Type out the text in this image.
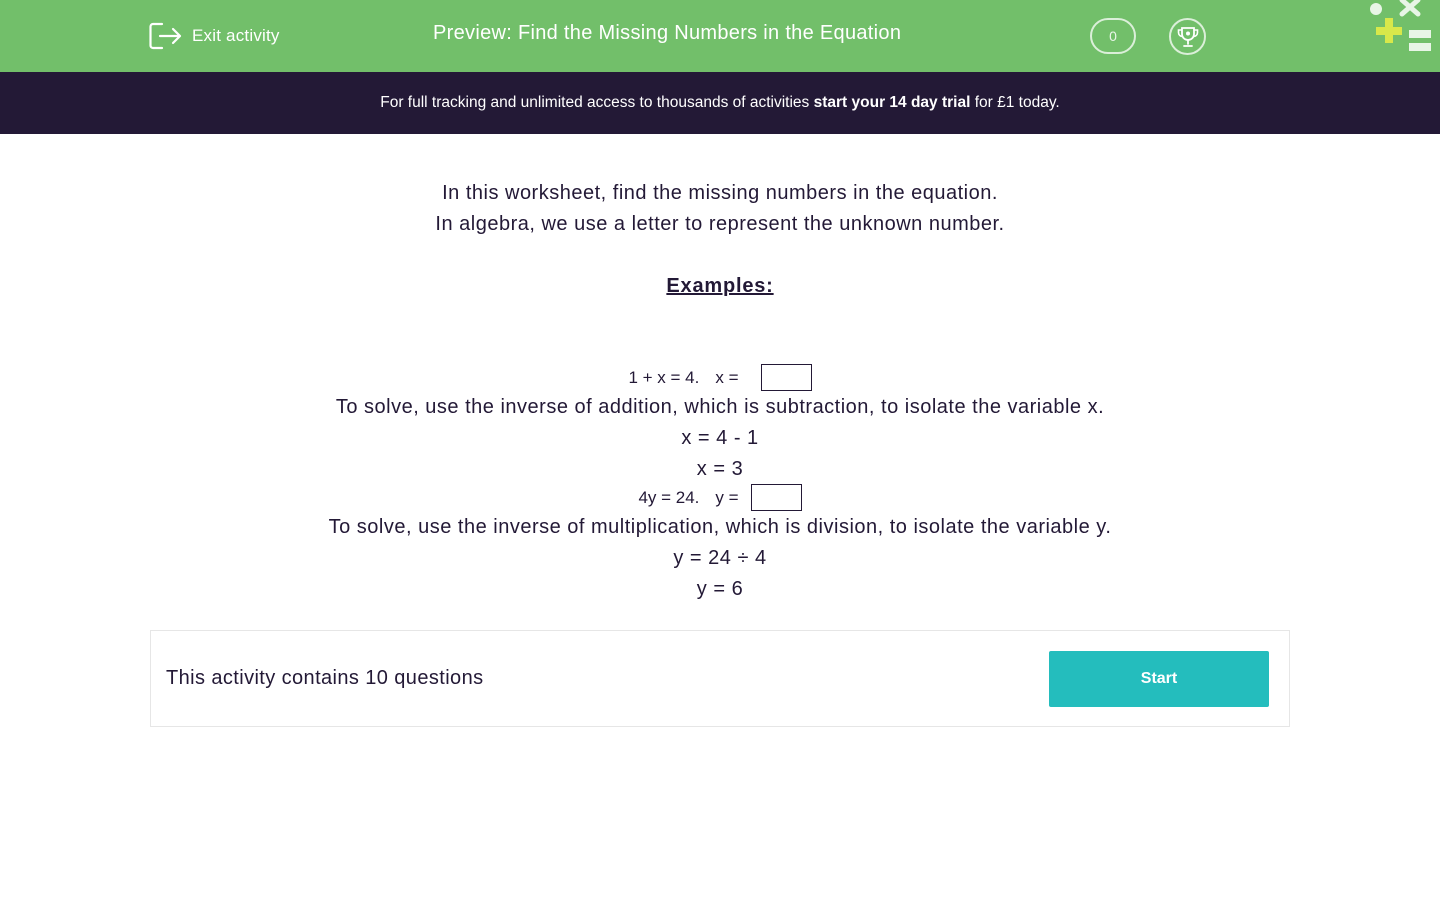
Exit activity	Preview: Find the Missing Numbers in the Equation	0
For full tracking and unlimited access to thousands of activities start your 14 day trial for £1 today.
In this worksheet, find the missing numbers in the equation.
In algebra, we use a letter to represent the unknown number.
Examples:
1 + x = 4. x =
To solve, use the inverse of addition, which is subtraction, to isolate the variable x.
x = 4 - 1
x = 3
4y = 24. y =
To solve, use the inverse of multiplication, which is division, to isolate the variable y.
y = 24 ÷ 4
y = 6
This activity contains 10 questions	Start
